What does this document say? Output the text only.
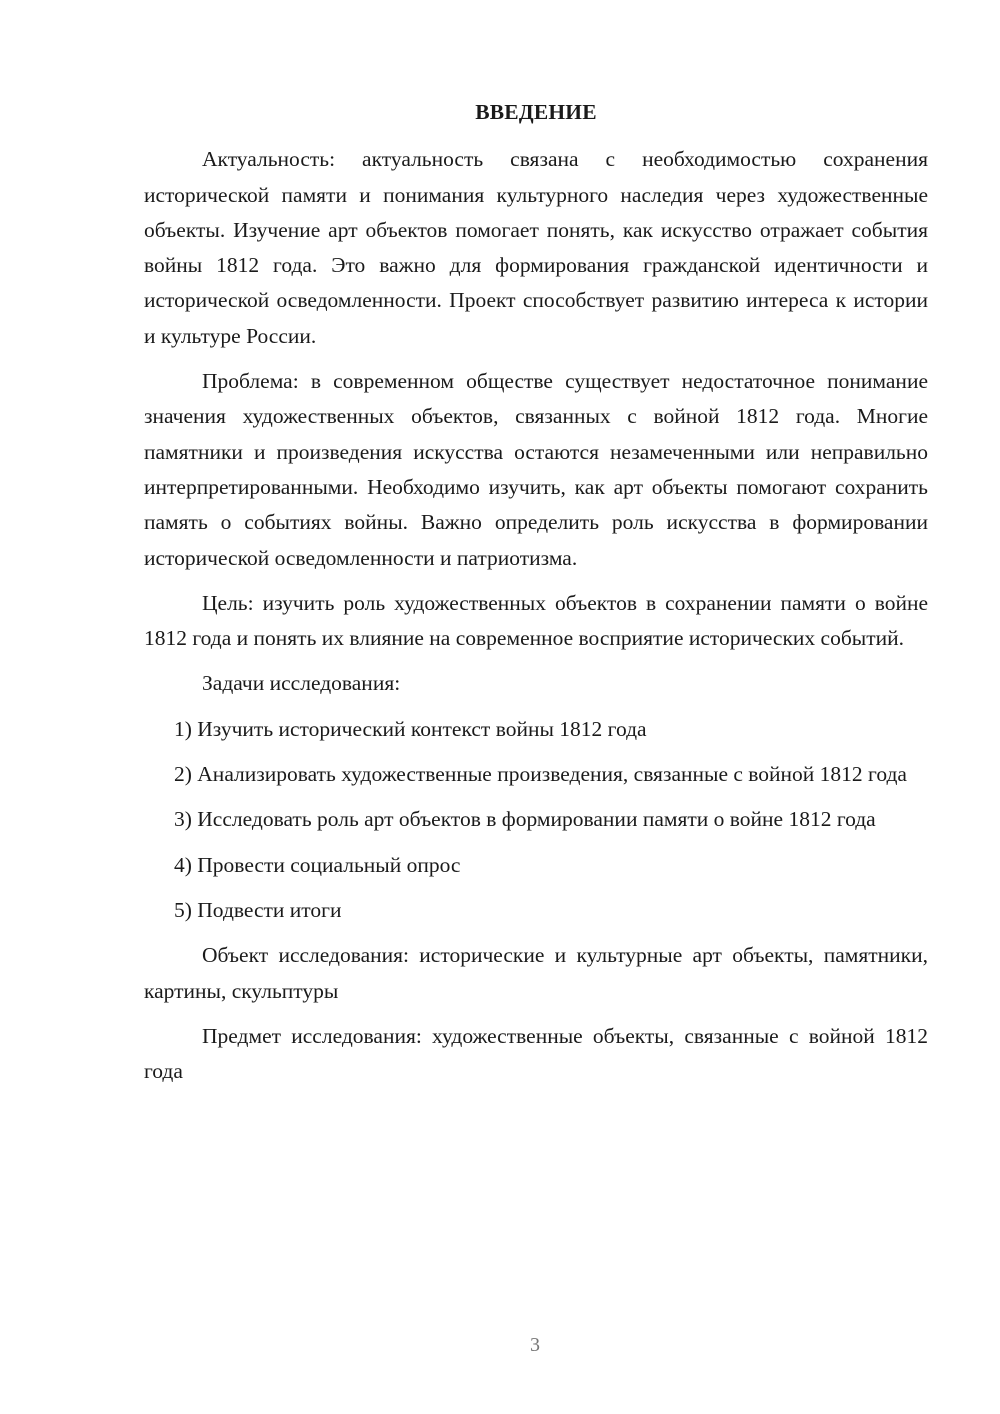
ВВЕДЕНИЕ

Актуальность: актуальность связана с необходимостью сохранения исторической памяти и понимания культурного наследия через художественные объекты. Изучение арт объектов помогает понять, как искусство отражает события войны 1812 года. Это важно для формирования гражданской идентичности и исторической осведомленности. Проект способствует развитию интереса к истории и культуре России.

Проблема: в современном обществе существует недостаточное понимание значения художественных объектов, связанных с войной 1812 года. Многие памятники и произведения искусства остаются незамеченными или неправильно интерпретированными. Необходимо изучить, как арт объекты помогают сохранить память о событиях войны. Важно определить роль искусства в формировании исторической осведомленности и патриотизма.

Цель: изучить роль художественных объектов в сохранении памяти о войне 1812 года и понять их влияние на современное восприятие исторических событий.

Задачи исследования:

1) Изучить исторический контекст войны 1812 года

2) Анализировать художественные произведения, связанные с войной 1812 года

3) Исследовать роль арт объектов в формировании памяти о войне 1812 года

4) Провести социальный опрос

5) Подвести итоги

Объект исследования: исторические и культурные арт объекты, памятники, картины, скульптуры

Предмет исследования: художественные объекты, связанные с войной 1812 года

3
